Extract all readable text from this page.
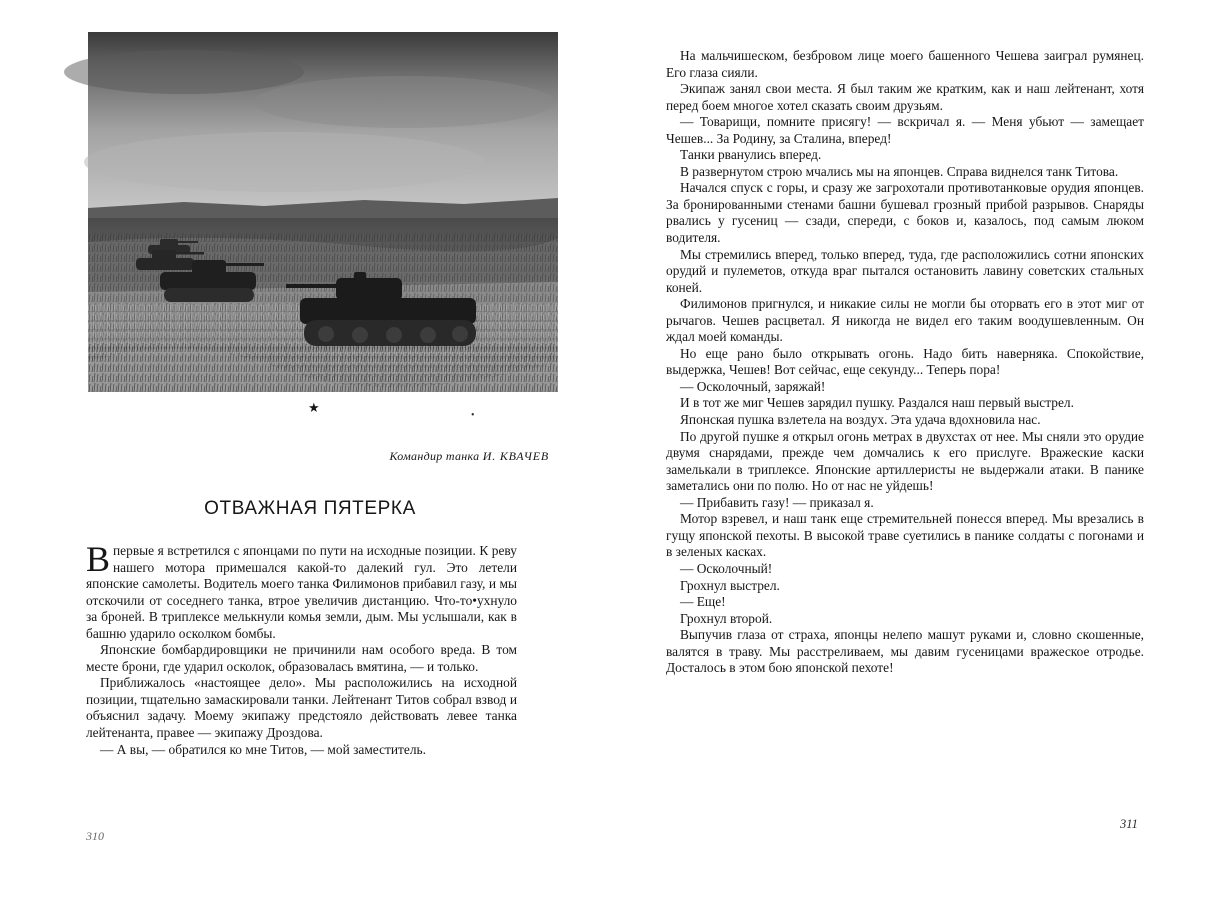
★
•
Командир танка И. КВАЧЕВ
ОТВАЖНАЯ ПЯТЕРКА

Впервые я встретился с японцами по пути на исходные позиции. К реву нашего мотора примешался какой-то далекий гул. Это летели японские самолеты. Водитель моего танка Филимонов прибавил газу, и мы отскочили от соседнего танка, втрое увеличив дистанцию. Что-то•ухнуло за броней. В триплексе мелькнули комья земли, дым. Мы услышали, как в башню ударило осколком бомбы.

Японские бомбардировщики не причинили нам особого вреда. В том месте брони, где ударил осколок, образовалась вмятина, — и только.

Приближалось «настоящее дело». Мы расположились на исходной позиции, тщательно замаскировали танки. Лейтенант Титов собрал взвод и объяснил задачу. Моему экипажу предстояло действовать левее танка лейтенанта, правее — экипажу Дроздова.

— А вы, — обратился ко мне Титов, — мой заместитель.

310

На мальчишеском, безбровом лице моего башенного Чешева заиграл румянец. Его глаза сияли.

Экипаж занял свои места. Я был таким же кратким, как и наш лейтенант, хотя перед боем многое хотел сказать своим друзьям.

— Товарищи, помните присягу! — вскричал я. — Меня убьют — замещает Чешев... За Родину, за Сталина, вперед!

Танки рванулись вперед.

В развернутом строю мчались мы на японцев. Справа виднелся танк Титова.

Начался спуск с горы, и сразу же загрохотали противотанковые орудия японцев. За бронированными стенами башни бушевал грозный прибой разрывов. Снаряды рвались у гусениц — сзади, спереди, с боков и, казалось, под самым люком водителя.

Мы стремились вперед, только вперед, туда, где расположились сотни японских орудий и пулеметов, откуда враг пытался остановить лавину советских стальных коней.

Филимонов пригнулся, и никакие силы не могли бы оторвать его в этот миг от рычагов. Чешев расцветал. Я никогда не видел его таким воодушевленным. Он ждал моей команды.

Но еще рано было открывать огонь. Надо бить наверняка. Спокойствие, выдержка, Чешев! Вот сейчас, еще секунду... Теперь пора!

— Осколочный, заряжай!

И в тот же миг Чешев зарядил пушку. Раздался наш первый выстрел.

Японская пушка взлетела на воздух. Эта удача вдохновила нас.

По другой пушке я открыл огонь метрах в двухстах от нее. Мы сняли это орудие двумя снарядами, прежде чем домчались к его прислуге. Вражеские каски замелькали в триплексе. Японские артиллеристы не выдержали атаки. В панике заметались они по полю. Но от нас не уйдешь!

— Прибавить газу! — приказал я.

Мотор взревел, и наш танк еще стремительней понесся вперед. Мы врезались в гущу японской пехоты. В высокой траве суетились в панике солдаты с погонами и в зеленых касках.

— Осколочный!

Грохнул выстрел.

— Еще!

Грохнул второй.

Выпучив глаза от страха, японцы нелепо машут руками и, словно скошенные, валятся в траву. Мы расстреливаем, мы давим гусеницами вражеское отродье. Досталось в этом бою японской пехоте!

311
